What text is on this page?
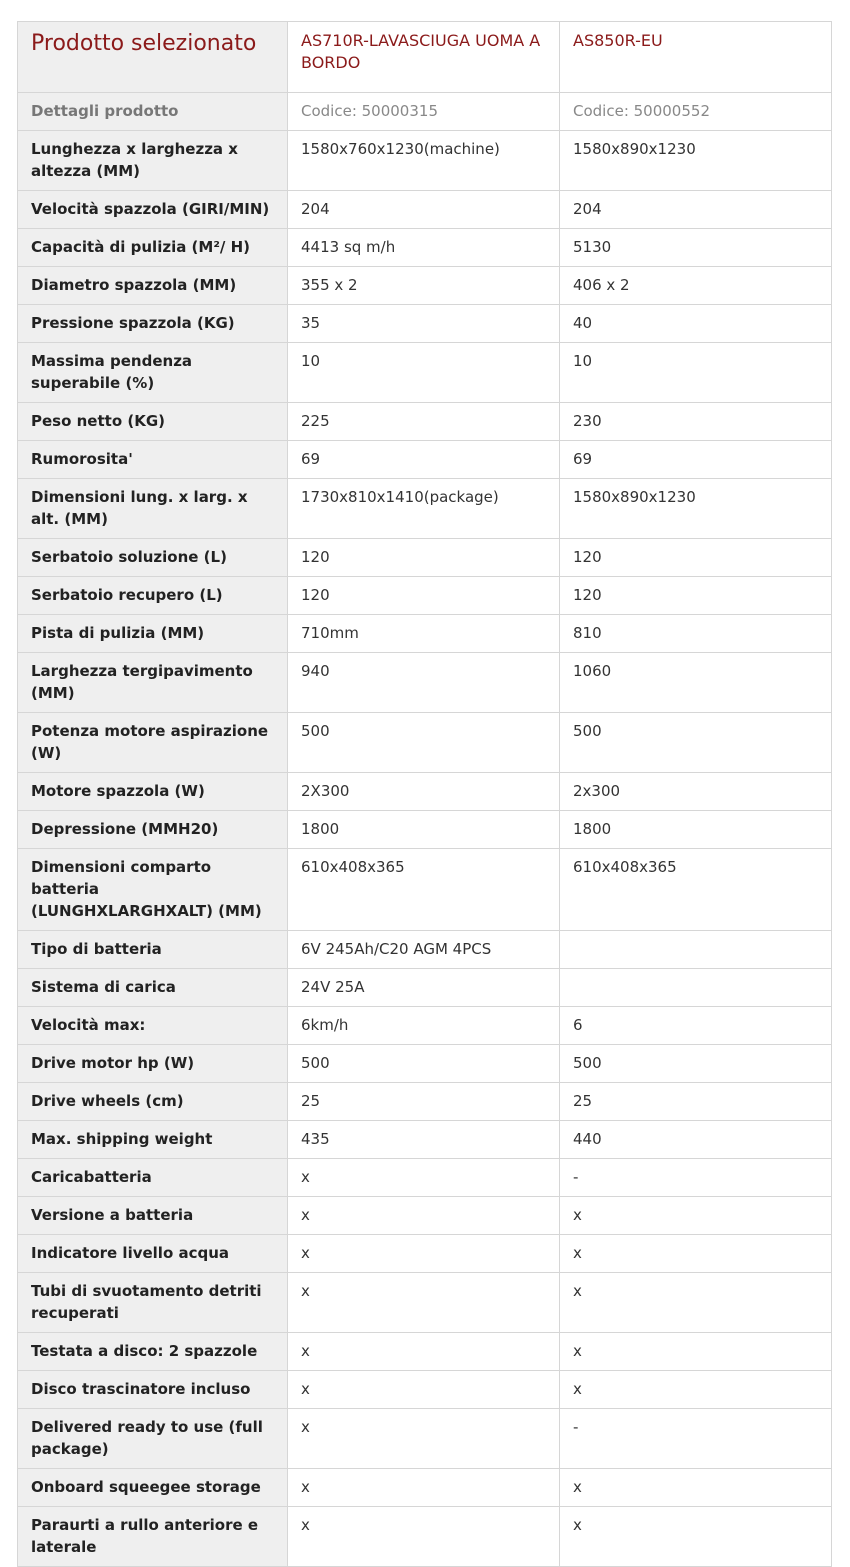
Prodotto selezionato	AS710R-LAVASCIUGA UOMA A BORDO	AS850R-EU
Dettagli prodotto	Codice: 50000315	Codice: 50000552
Lunghezza x larghezza x altezza (MM)	1580x760x1230(machine)	1580x890x1230
Velocità spazzola (GIRI/MIN)	204	204
Capacità di pulizia (M²/ H)	4413 sq m/h	5130
Diametro spazzola (MM)	355 x 2	406 x 2
Pressione spazzola (KG)	35	40
Massima pendenza superabile (%)	10	10
Peso netto (KG)	225	230
Rumorosita'	69	69
Dimensioni lung. x larg. x alt. (MM)	1730x810x1410(package)	1580x890x1230
Serbatoio soluzione (L)	120	120
Serbatoio recupero (L)	120	120
Pista di pulizia (MM)	710mm	810
Larghezza tergipavimento (MM)	940	1060
Potenza motore aspirazione (W)	500	500
Motore spazzola (W)	2X300	2x300
Depressione (MMH20)	1800	1800
Dimensioni comparto batteria (LUNGHXLARGHXALT) (MM)	610x408x365	610x408x365
Tipo di batteria	6V 245Ah/C20 AGM 4PCS	
Sistema di carica	24V 25A	
Velocità max:	6km/h	6
Drive motor hp (W)	500	500
Drive wheels (cm)	25	25
Max. shipping weight	435	440
Caricabatteria	x	-
Versione a batteria	x	x
Indicatore livello acqua	x	x
Tubi di svuotamento detriti recuperati	x	x
Testata a disco: 2 spazzole	x	x
Disco trascinatore incluso	x	x
Delivered ready to use (full package)	x	-
Onboard squeegee storage	x	x
Paraurti a rullo anteriore e laterale	x	x
